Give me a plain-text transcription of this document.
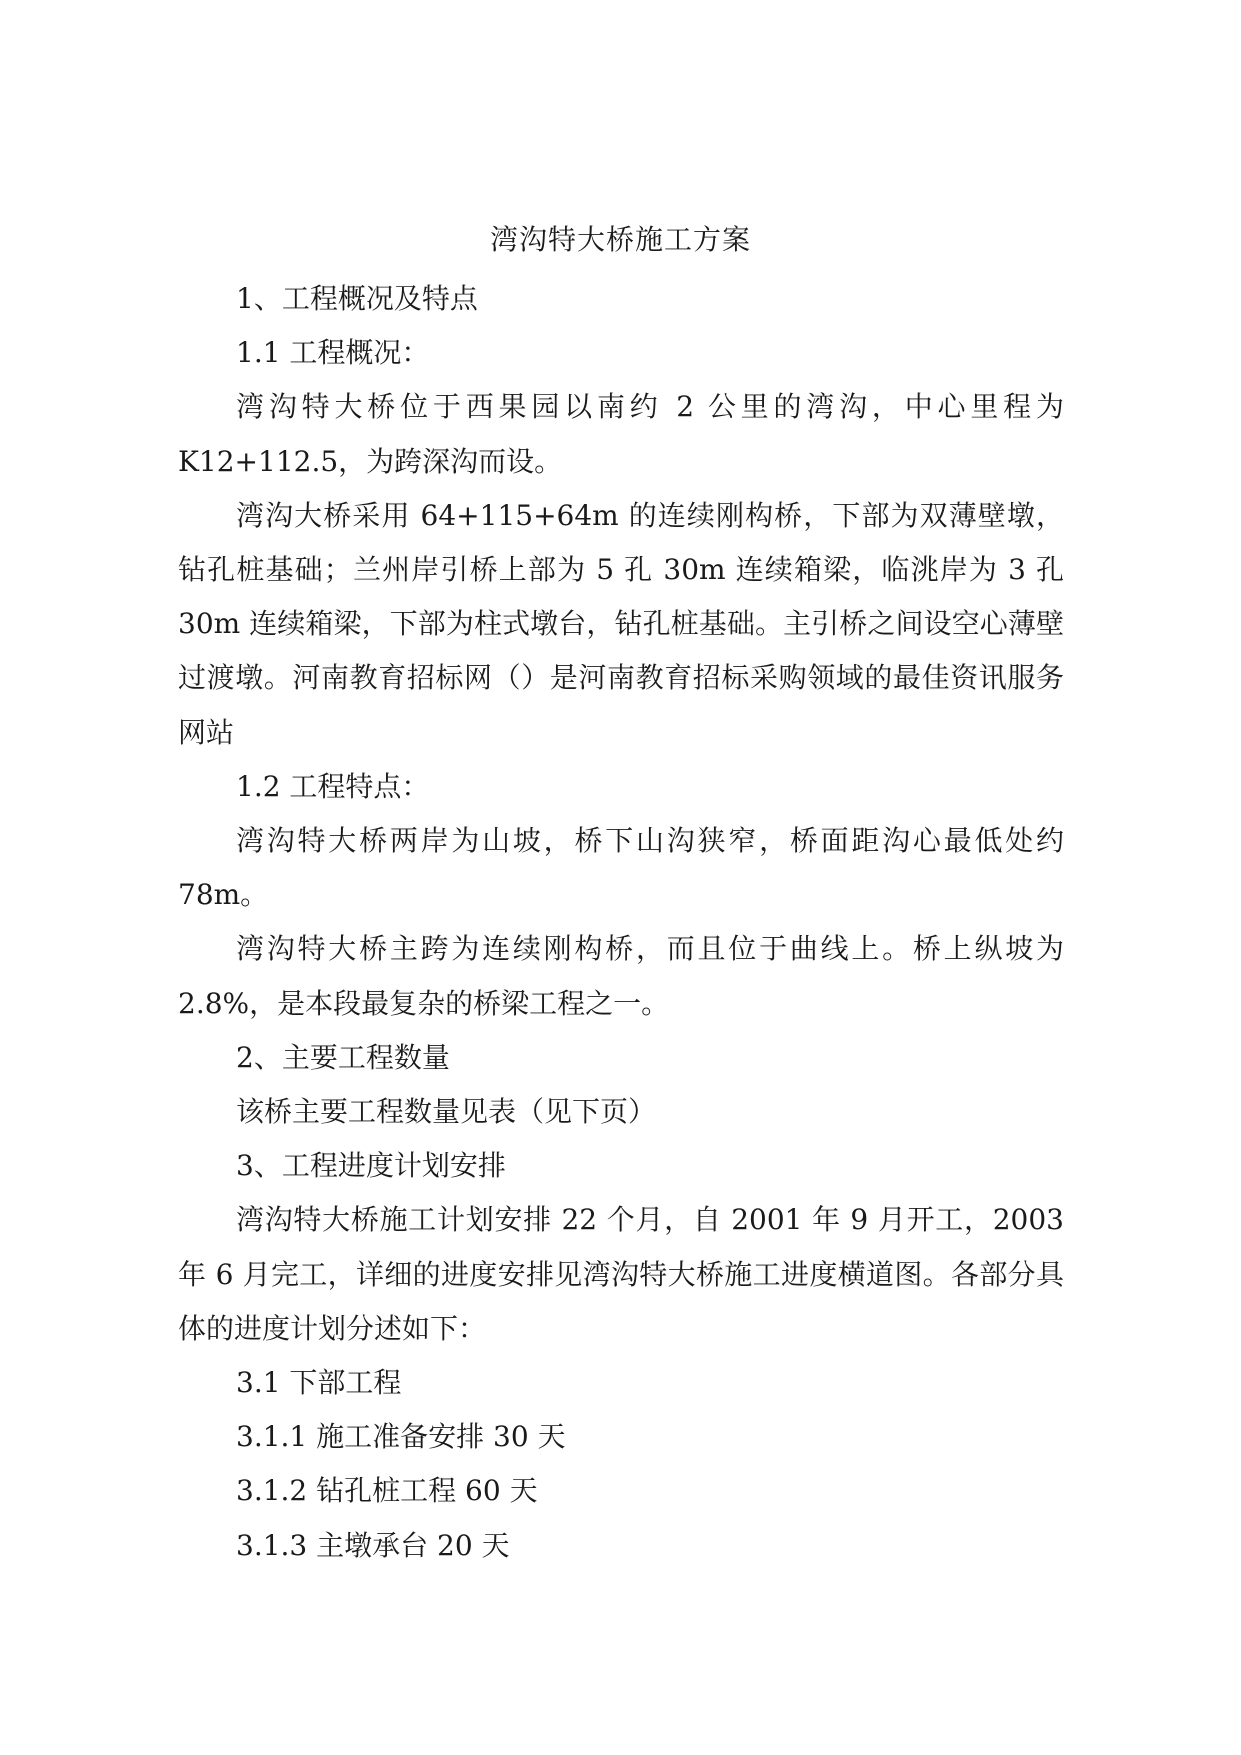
湾沟特大桥施工方案

1、工程概况及特点

1.1 工程概况：

湾沟特大桥位于西果园以南约 2 公里的湾沟，中心里程为 K12+112.5，为跨深沟而设。

湾沟大桥采用 64+115+64m 的连续刚构桥，下部为双薄壁墩，钻孔桩基础；兰州岸引桥上部为 5 孔 30m 连续箱梁，临洮岸为 3 孔 30m 连续箱梁，下部为柱式墩台，钻孔桩基础。主引桥之间设空心薄壁过渡墩。河南教育招标网（）是河南教育招标采购领域的最佳资讯服务网站

1.2 工程特点：

湾沟特大桥两岸为山坡，桥下山沟狭窄，桥面距沟心最低处约 78m。

湾沟特大桥主跨为连续刚构桥，而且位于曲线上。桥上纵坡为 2.8%，是本段最复杂的桥梁工程之一。

2、主要工程数量

该桥主要工程数量见表（见下页）

3、工程进度计划安排

湾沟特大桥施工计划安排 22 个月，自 2001 年 9 月开工，2003 年 6 月完工，详细的进度安排见湾沟特大桥施工进度横道图。各部分具体的进度计划分述如下：

3.1 下部工程

3.1.1 施工准备安排 30 天

3.1.2 钻孔桩工程 60 天

3.1.3 主墩承台 20 天
